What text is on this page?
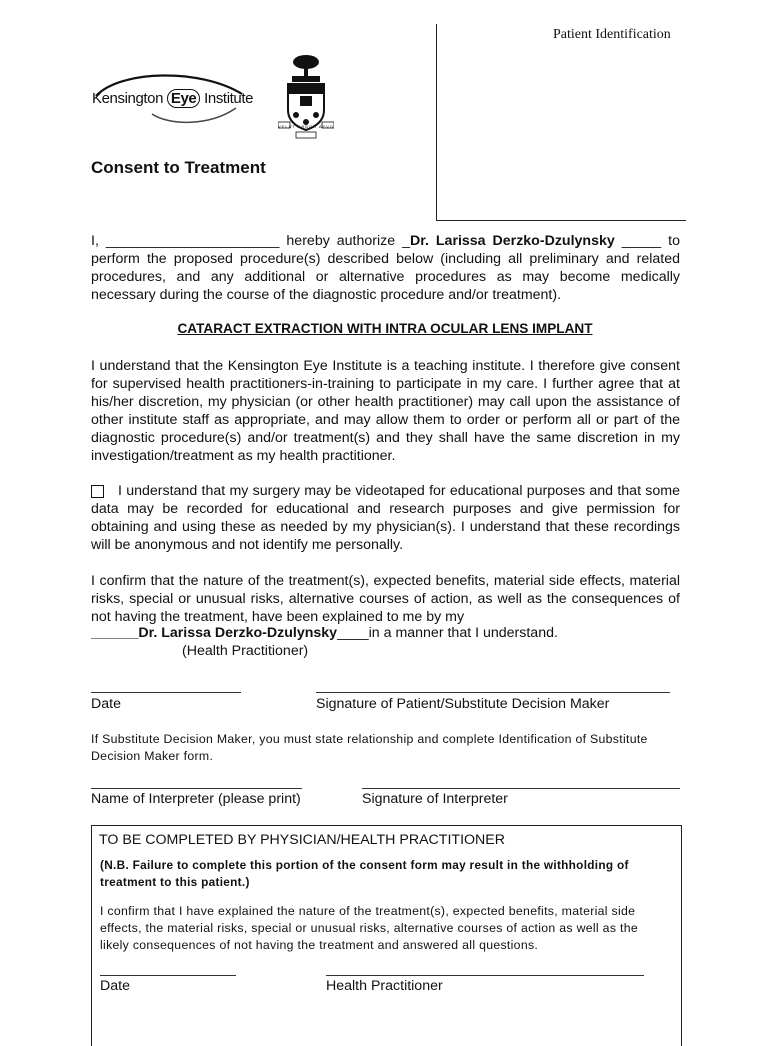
Patient Identification
Kensington Eye Institute
VELUT ARBOR AEVO
Consent to Treatment
I, ______________________ hereby authorize _Dr. Larissa Derzko-Dzulynsky _____ to perform the proposed procedure(s) described below (including all preliminary and related procedures, and any additional or alternative procedures as may become medically necessary during the course of the diagnostic procedure and/or treatment).
CATARACT EXTRACTION WITH INTRA OCULAR LENS IMPLANT
I understand that the Kensington Eye Institute is a teaching institute. I therefore give consent for supervised health practitioners-in-training to participate in my care. I further agree that at his/her discretion, my physician (or other health practitioner) may call upon the assistance of other institute staff as appropriate, and may allow them to order or perform all or part of the diagnostic procedure(s) and/or treatment(s) and they shall have the same discretion in my investigation/treatment as my health practitioner.
I understand that my surgery may be videotaped for educational purposes and that some data may be recorded for educational and research purposes and give permission for obtaining and using these as needed by my physician(s). I understand that these recordings will be anonymous and not identify me personally.
I confirm that the nature of the treatment(s), expected benefits, material side effects, material risks, special or unusual risks, alternative courses of action, as well as the consequences of not having the treatment, have been explained to me by my
______Dr. Larissa Derzko-Dzulynsky____in a manner that I understand.
(Health Practitioner)
Date	Signature of Patient/Substitute Decision Maker
If Substitute Decision Maker, you must state relationship and complete Identification of Substitute Decision Maker form.
Name of Interpreter (please print)	Signature of Interpreter
TO BE COMPLETED BY PHYSICIAN/HEALTH PRACTITIONER
(N.B. Failure to complete this portion of the consent form may result in the withholding of treatment to this patient.)
I confirm that I have explained the nature of the treatment(s), expected benefits, material side effects, the material risks, special or unusual risks, alternative courses of action as well as the likely consequences of not having the treatment and answered all questions.
Date	Health Practitioner
